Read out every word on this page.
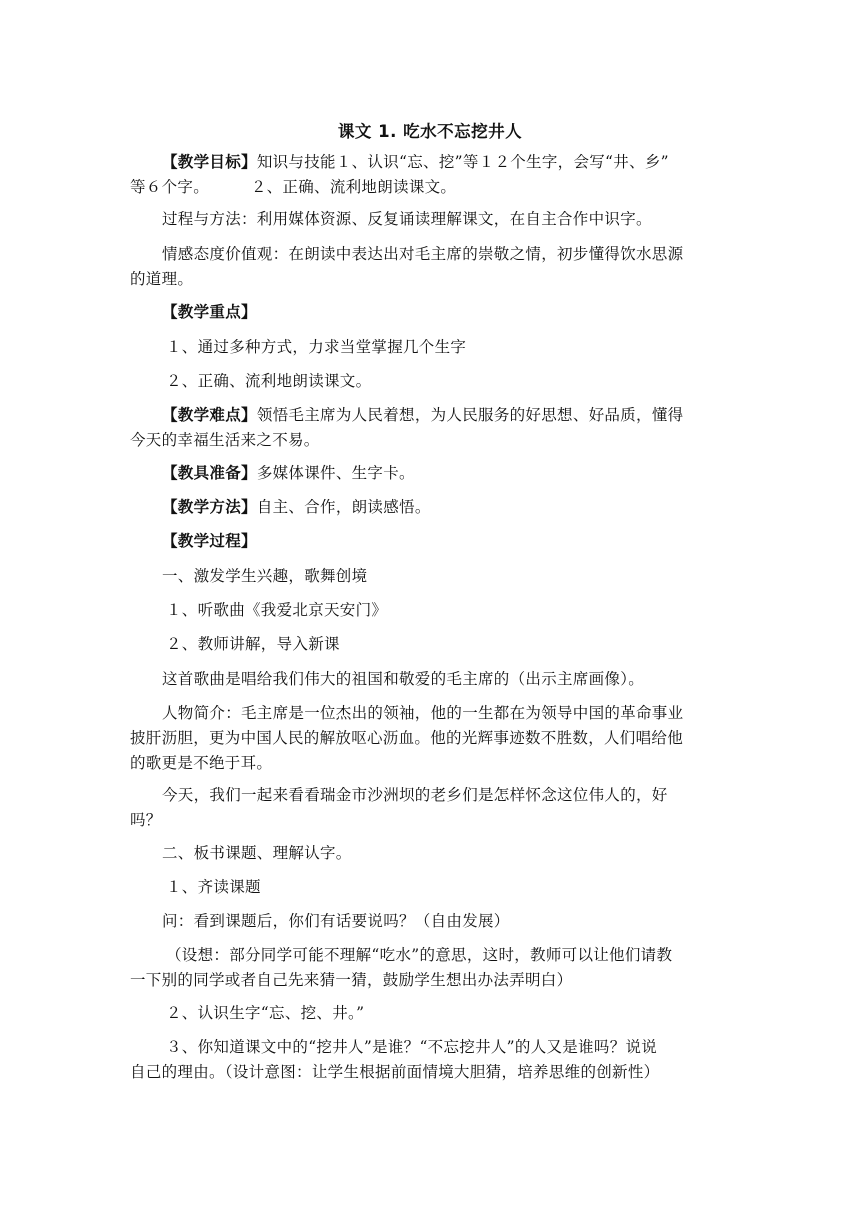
课文 1. 吃水不忘挖井人
【教学目标】知识与技能１、认识“忘、挖”等１２个生字，会写“井、乡”
等６个字。        ２、正确、流利地朗读课文。
过程与方法：利用媒体资源、反复诵读理解课文，在自主合作中识字。
情感态度价值观：在朗读中表达出对毛主席的崇敬之情，初步懂得饮水思源
的道理。
【教学重点】
１、通过多种方式，力求当堂掌握几个生字
２、正确、流利地朗读课文。
【教学难点】领悟毛主席为人民着想，为人民服务的好思想、好品质，懂得
今天的幸福生活来之不易。
【教具准备】多媒体课件、生字卡。
【教学方法】自主、合作，朗读感悟。
【教学过程】
一、激发学生兴趣，歌舞创境
１、听歌曲《我爱北京天安门》
２、教师讲解，导入新课
这首歌曲是唱给我们伟大的祖国和敬爱的毛主席的（出示主席画像）。
人物简介：毛主席是一位杰出的领袖，他的一生都在为领导中国的革命事业
披肝沥胆，更为中国人民的解放呕心沥血。他的光辉事迹数不胜数，人们唱给他
的歌更是不绝于耳。
今天，我们一起来看看瑞金市沙洲坝的老乡们是怎样怀念这位伟人的，好
吗？
二、板书课题、理解认字。
１、齐读课题
问：看到课题后，你们有话要说吗？（自由发展）
（设想：部分同学可能不理解“吃水”的意思，这时，教师可以让他们请教
一下别的同学或者自己先来猜一猜，鼓励学生想出办法弄明白）
２、认识生字“忘、挖、井。”
３、你知道课文中的“挖井人”是谁？“不忘挖井人”的人又是谁吗？说说
自己的理由。（设计意图：让学生根据前面情境大胆猜，培养思维的创新性）
